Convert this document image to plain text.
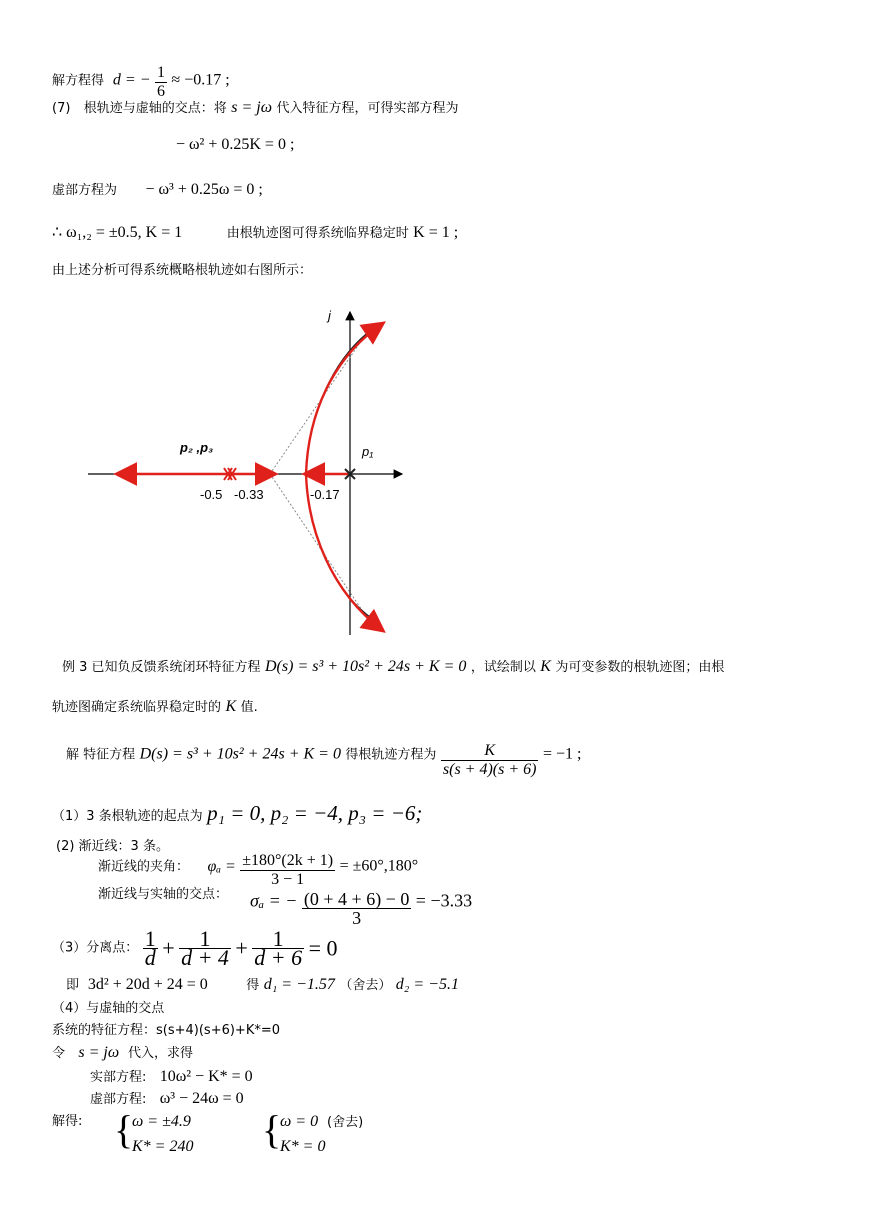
解方程得 d = − $\frac{1}{6} \approx -0.17$ ;
(7) 根轨迹与虚轴的交点：将 s = jω 代入特征方程，可得实部方程为
− ω² + 0.25K = 0 ;
虚部方程为 − ω³ + 0.25ω = 0 ;
∴ ω₁,₂ = ±0.5, K = 1	由根轨迹图可得系统临界稳定时 K = 1 ;
由上述分析可得系统概略根轨迹如右图所示：
j
p₂ ,p₃	p₁
-0.5 -0.33	-0.17
例 3 已知负反馈系统闭环特征方程 D(s) = s³ + 10s² + 24s + K = 0 ，试绘制以 K 为可变参数的根轨迹图；由根
轨迹图确定系统临界稳定时的 K 值.
解 特征方程 D(s) = s³ + 10s² + 24s + K = 0 得根轨迹方程为 $\frac{K}{s(s + 4)(s + 6)} = -1$ ;
（1）3 条根轨迹的起点为 p₁ = 0, p₂ = −4, p₃ = −6;
(2) 渐近线：3 条。
渐近线的夹角： $\varphi_a = \frac{\pm 180^\circ(2k + 1)}{3 - 1} = \pm 60^\circ,180^\circ$
渐近线与实轴的交点： σₐ = − $\frac{(0 + 4 + 6) - 0}{3} = -3.33$
（3）分离点： $\frac{1}{d} + \frac{1}{d + 4} + \frac{1}{d + 6} = 0$
即 3d² + 20d + 24 = 0	得 d₁ = −1.57 （舍去） d₂ = −5.1
（4）与虚轴的交点
系统的特征方程：s(s+4)(s+6)+K*=0
令 s = jω 代入，求得
实部方程: 10ω² − K* = 0
虚部方程: ω³ − 24ω = 0
解得: {
ω = ±4.9
K* = 240 {
ω = 0 (舍去)
K* = 0
